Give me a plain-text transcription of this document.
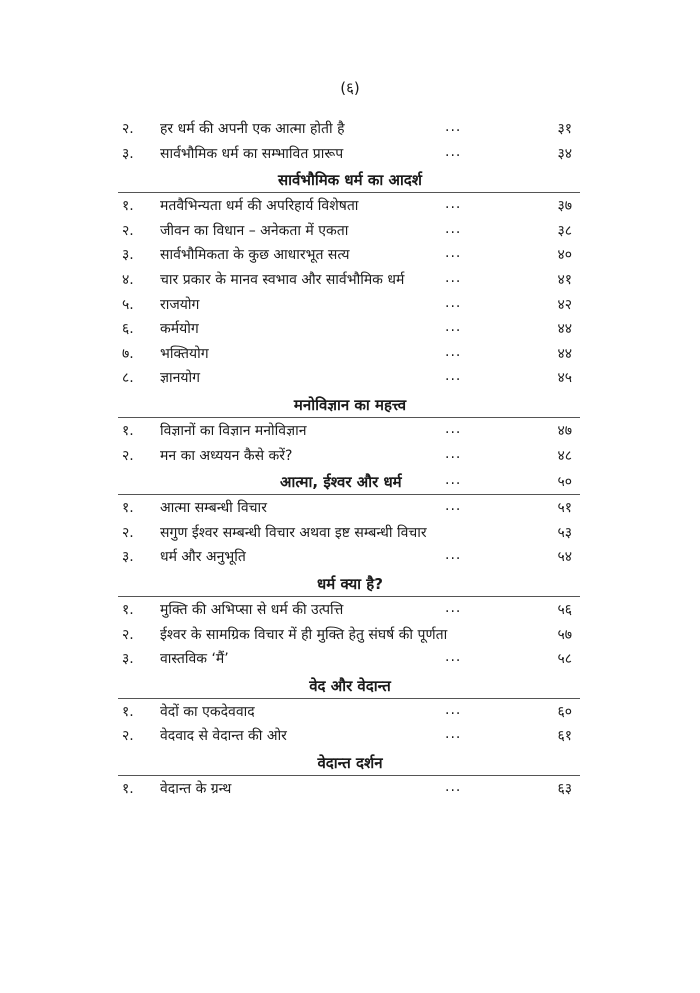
(६)
२. हर धर्म की अपनी एक आत्मा होती है	...	३१
३. सार्वभौमिक धर्म का सम्भावित प्रारूप	...	३४
सार्वभौमिक धर्म का आदर्श
१. मतवैभिन्यता धर्म की अपरिहार्य विशेषता	...	३७
२. जीवन का विधान – अनेकता में एकता	...	३८
३. सार्वभौमिकता के कुछ आधारभूत सत्य	...	४०
४. चार प्रकार के मानव स्वभाव और सार्वभौमिक धर्म	...	४१
५. राजयोग	...	४२
६. कर्मयोग	...	४४
७. भक्तियोग	...	४४
८. ज्ञानयोग	...	४५
मनोविज्ञान का महत्त्व
१. विज्ञानों का विज्ञान मनोविज्ञान	...	४७
२. मन का अध्ययन कैसे करें?	...	४८
आत्मा, ईश्वर और धर्म	...	५०
१. आत्मा सम्बन्धी विचार	...	५१
२. सगुण ईश्वर सम्बन्धी विचार अथवा इष्ट सम्बन्धी विचार	५३
३. धर्म और अनुभूति	...	५४
धर्म क्या है?
१. मुक्ति की अभिप्सा से धर्म की उत्पत्ति	...	५६
२. ईश्वर के सामग्रिक विचार में ही मुक्ति हेतु संघर्ष की पूर्णता	५७
३. वास्तविक ‘मैं’	...	५८
वेद और वेदान्त
१. वेदों का एकदेववाद	...	६०
२. वेदवाद से वेदान्त की ओर	...	६१
वेदान्त दर्शन
१. वेदान्त के ग्रन्थ	...	६३
